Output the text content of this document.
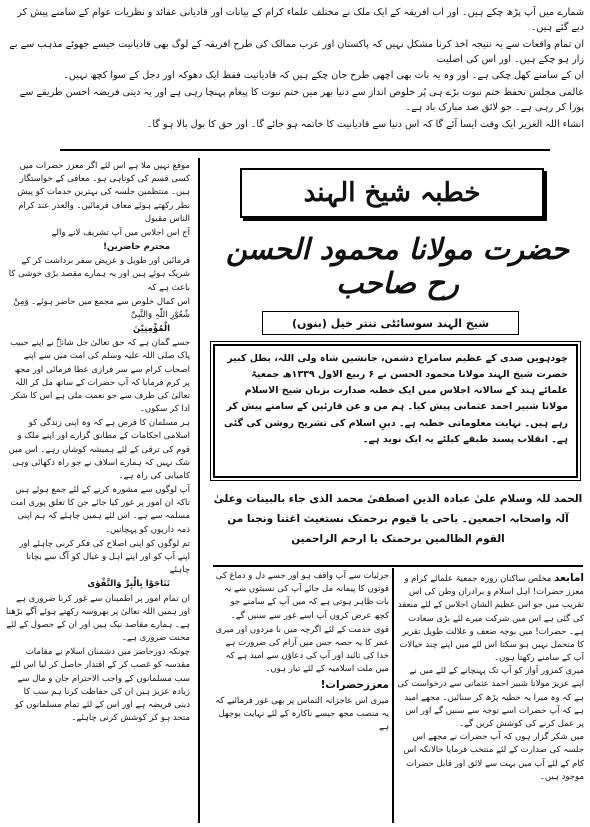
شمارے میں آپ پڑھ چکے ہیں۔ اور اب افریقہ کے ایک ملک نے مختلف علماء کرام کے بیانات اور قادیانی عقائد و نظریات عوام کے سامنے پیش کر دیے گئے ہیں۔

ان تمام واقعات سے یہ نتیجہ اخذ کرنا مشکل نہیں کہ پاکستان اور عرب ممالک کی طرح افریقہ کے لوگ بھی قادیانیت جیسے جھوٹے مذہب سے بے زار ہو چکے ہیں۔ اور اس کی اصلیت

ان کے سامنے کھل چکی ہے۔ اور وہ یہ بات بھی اچھی طرح جان چکے ہیں کہ قادیانیت فقط ایک دھوکہ اور دجل کے سوا کچھ نہیں۔

عالمی مجلس تحفظ ختم نبوت بڑے ہی پُر خلوص انداز سے دنیا بھر میں ختم نبوت کا پیغام پہنچا رہی ہے اور یہ دینی فریضہ احسن طریقے سے پورا کر رہی ہے۔ جو لائق صد مبارک باد ہے۔

انشاء اللہ العزیز ایک وقت ایسا آئے گا کہ اس دنیا سے قادیانیت کا خاتمہ ہو جائے گا۔ اور حق کا بول بالا ہو گا۔

موقع نہیں ملا ہے اس لئے اگر معزز حضرات میں کسی قسم کی کوتاہی ہو۔ معافی کے خواستگار ہیں۔ منتظمین جلسہ کی بہترین خدمات کو پیش نظر رکھتے ہوئے معاف فرمائیں۔ والعذر عند کرام الناس مقبول

آج اس اجلاس میں آپ تشریف لانے والے

محترم حاضرین!

فرمائیں اور طویل و عریض سفر برداشت کر کے شریک ہوئے ہیں اور یہ ہمارے مقصد بڑی خوشی کا باعث ہے کہ

اس کمال خلوص سے مجمع میں حاضر ہوئے۔ وَمِنْ شُعُوْرِ اللّٰہِ وَالنَّبِیِّ

الْمُؤْمِنِیْنَ

جسے گمان ہے کہ حق تعالیٰ جل شانہٗ نے اپنے حبیب پاک صلی اللہ علیہ وسلم کی امت میں سے اپنے اصحاب کرام سے سر فرازی عطا فرمائی اور مجھ پر کرم فرمایا کہ آپ حضرات کے ساتھ مل کر اللہ تعالیٰ کی طرف سے جو نعمت ملی ہے اس کا شکر ادا کر سکوں۔

ہر مسلمان کا فرض ہے کہ وہ اپنی زندگی کو اسلامی احکامات کے مطابق گزارے اور اپنے ملک و قوم کی ترقی کے لئے ہمیشہ کوشاں رہے۔ اس میں شک نہیں کہ ہمارے اسلاف نے جو راہ دکھائی وہی کامیابی کی راہ ہے۔

آپ لوگوں سے مشورہ کرنے کے لئے جمع ہوئے ہیں تاکہ ان امور پر غور کیا جائے جن کا تعلق پوری امت مسلمہ سے ہے۔ اس لئے ہمیں چاہئے کہ ہم اپنی ذمہ داریوں کو پہچانیں۔

تم لوگوں کو اپنی اصلاح کی فکر کرنی چاہئے اور اپنے آپ کو اور اپنے اہل و عیال کو آگ سے بچانا چاہئے

تَنَاجَوْا بِالْبِرِّ وَالتَّقْوٰی

ان تمام امور پر اطمینان سے غور کرنا ضروری ہے اور ہمیں اللہ تعالیٰ پر بھروسہ رکھتے ہوئے آگے بڑھنا ہے۔ ہمارے مقاصد نیک ہیں اور ان کے حصول کے لئے محنت ضروری ہے۔

چونکہ دورحاضر میں دشمنان اسلام نے مقامات مقدسہ کو غصب کر کے اقتدار حاصل کر لیا اس لئے سب مسلمانوں کے واجب الاحترام جان و مال سے زیادہ عزیز ہیں ان کی حفاظت کرنا ہم سب کا دینی فریضہ ہے اور اس کے لئے تمام مسلمانوں کو متحد ہو کر کوشش کرنی چاہئے۔

خطبہ شیخ الہند
حضرت مولانا محمود الحسن رح صاحب
شیخ الہند سوسائٹی تنتر خیل (بنوں)
چودہویں صدی کے عظیم سامراج دشمن، جانشین شاہ ولی اللہ، بطل کبیر حضرت شیخ الہند مولانا محمود الحسن نے ۶ ربیع الاول ۱۳۳۹ھ جمعیۃ علمائے ہند کے سالانہ اجلاس میں ایک خطبہ صدارت بزبان شیخ الاسلام مولانا شبیر احمد عثمانی پیش کیا۔ ہم من و عن قارئین کے سامنے پیش کر رہے ہیں۔ نہایت معلوماتی خطبہ ہے۔ دینِ اسلام کی تشریح روشن کی گئی ہے۔ انقلاب پسند طبقے کیلئے یہ ایک نوید ہے۔
الحمد للہ وسلام علیٰ عبادہ الذین اصطفیٰ محمد الذی جاء بالبینات وعلیٰ
آلہ واصحابہ اجمعین۔ یاحی یا قیوم برحمتک نستغیث اغثنا ونجنا من
القوم الظالمین برحمتک یا ارحم الراحمین

جزئیات سے آپ واقف ہو اور جسے دل و دماغ کی قوتوں کا پیمانہ مل جائے آپ کی نسبتوں سے یہ بات ظاہر ہوتی ہے کہ میں آپ کے سامنے جو کچھ عرض کروں آپ اسے غور سے سنیں گے۔

قوی خدمت کے لئے اگرچہ میں نا مزدوں اور میری عمر کا یہ حصہ جس میں آرام کی ضرورت ہے خدا کی تائید اور آپ کی دعاؤں سے امید ہے کہ میں ملت اسلامیہ کے لئے تیار ہوں۔

معززحضرات!

میری اس عاجزانہ التماس پر بھی غور فرمائیے کہ یہ منصب مجھ جیسے ناکارہ کے لئے نہایت بوجھل ہے

امابعد مخلص ساکنان روزہ جمعیۃ علمائے کرام و معزز حضرات! اہل اسلام و برادران وطن کی اس تقریب میں جو اس عظیم الشان اجلاس کے لئے منعقد کی گئی ہے اس میں شرکت میرے لئے بڑی سعادت ہے۔ حضرات! میں بوجہ ضعف و علالت طویل تقریر کا متحمل نہیں ہو سکتا اس لئے میں اپنے چند خیالات آپ کے سامنے رکھتا ہوں۔

میری کمزور آواز کو آپ تک پہنچانے کے لئے میں نے اپنے عزیز مولانا شبیر احمد عثمانی سے درخواست کی ہے کہ وہ میرا یہ خطبہ پڑھ کر سنائیں۔ مجھے امید ہے کہ آپ حضرات اسے توجہ سے سنیں گے اور اس پر عمل کرنے کی کوشش کریں گے۔

میں شکر گزار ہوں کہ آپ حضرات نے مجھے اس جلسہ کی صدارت کے لئے منتخب فرمایا حالانکہ اس کام کے لئے آپ میں بہت سے لائق اور قابل حضرات موجود ہیں۔
